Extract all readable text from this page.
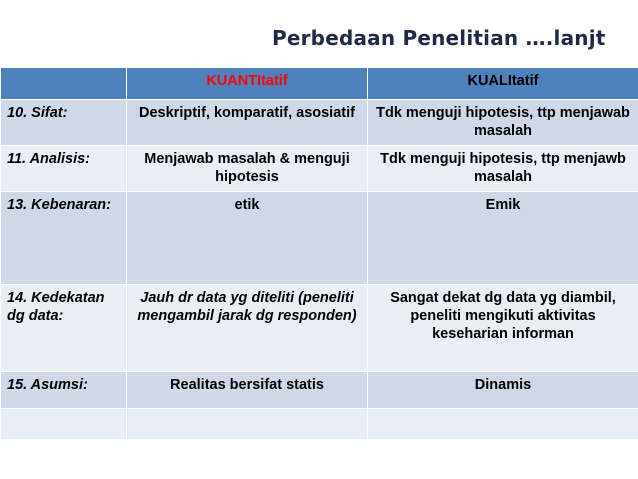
Perbedaan Penelitian ….lanjt
	KUANTItatif	KUALItatif
10. Sifat:	Deskriptif, komparatif, asosiatif	Tdk menguji hipotesis, ttp menjawab masalah
11. Analisis:	Menjawab masalah & menguji hipotesis	Tdk menguji hipotesis, ttp menjawb masalah
13. Kebenaran:	etik	Emik
14. Kedekatan dg data:	Jauh dr data yg diteliti (peneliti mengambil jarak dg responden)	Sangat dekat dg data yg diambil, peneliti mengikuti aktivitas keseharian informan
15. Asumsi:	Realitas bersifat statis	Dinamis
